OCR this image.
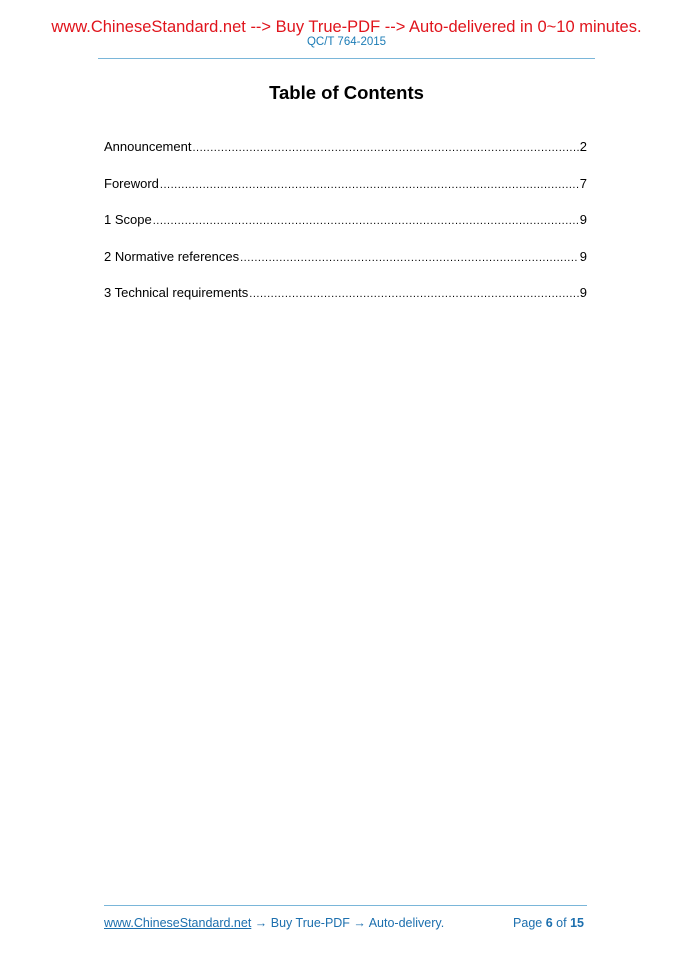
www.ChineseStandard.net --> Buy True-PDF --> Auto-delivered in 0~10 minutes.
QC/T 764-2015
Table of Contents
Announcement .....	2
Foreword .....	7
1 Scope .....	9
2 Normative references .....	9
3 Technical requirements .....	9
www.ChineseStandard.net → Buy True-PDF → Auto-delivery.	Page 6 of 15
